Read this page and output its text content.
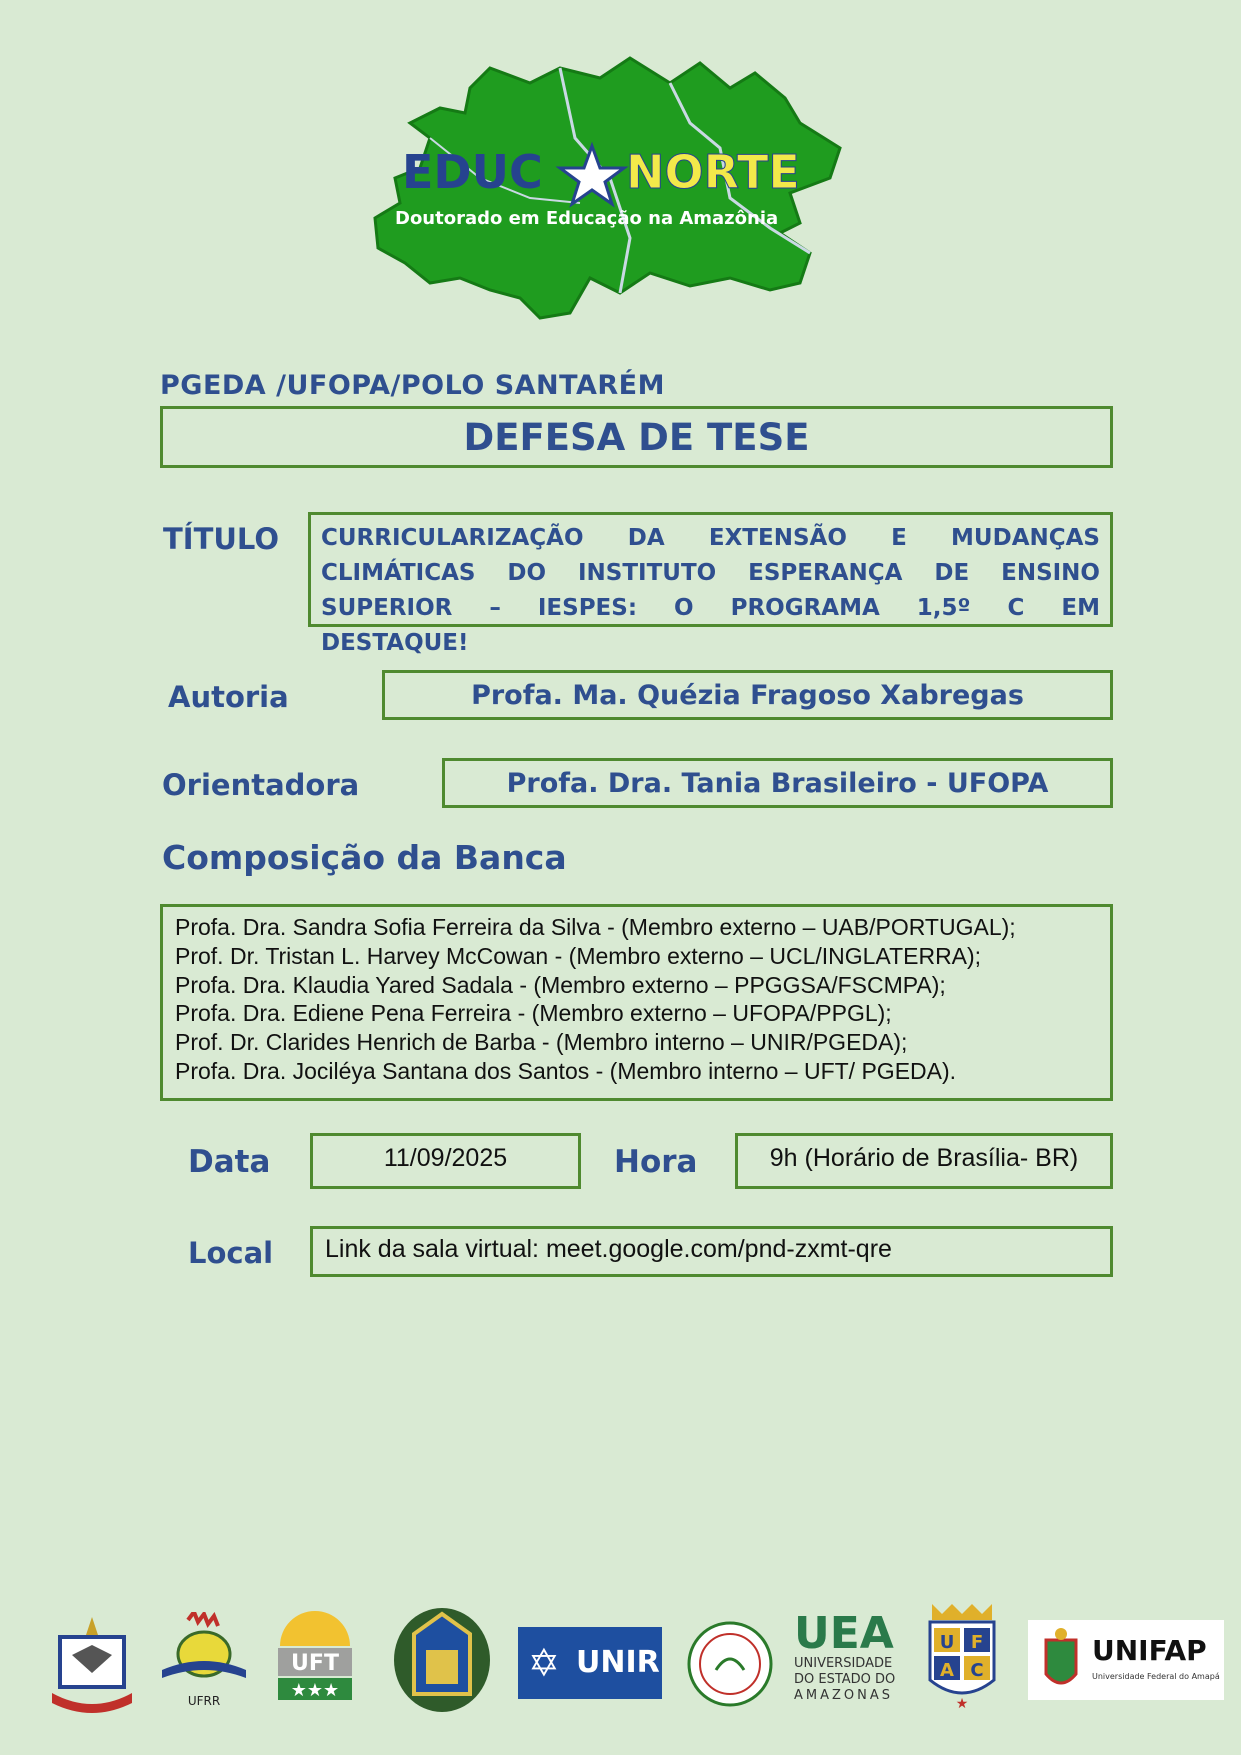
EDUC NORTE
Doutorado em Educação na Amazônia
PGEDA /UFOPA/POLO SANTARÉM
DEFESA DE TESE
TÍTULO CURRICULARIZAÇÃO DA EXTENSÃO E MUDANÇAS CLIMÁTICAS DO INSTITUTO ESPERANÇA DE ENSINO SUPERIOR – IESPES: O PROGRAMA 1,5º C EM DESTAQUE!
Autoria	Profa. Ma. Quézia Fragoso Xabregas
Orientadora	Profa. Dra. Tania Brasileiro - UFOPA
Composição da Banca
Profa. Dra. Sandra Sofia Ferreira da Silva - (Membro externo – UAB/PORTUGAL);
Prof. Dr. Tristan L. Harvey McCowan - (Membro externo – UCL/INGLATERRA);
Profa. Dra. Klaudia Yared Sadala - (Membro externo – PPGGSA/FSCMPA);
Profa. Dra. Ediene Pena Ferreira - (Membro externo – UFOPA/PPGL);
Prof. Dr. Clarides Henrich de Barba - (Membro interno – UNIR/PGEDA);
Profa. Dra. Jociléya Santana dos Santos - (Membro interno – UFT/ PGEDA).
Data	11/09/2025	Hora	9h (Horário de Brasília- BR)
Local	Link da sala virtual: meet.google.com/pnd-zxmt-qre
UFRR
UFT
★★★
✡ UNIR
UEA
UNIVERSIDADE
DO ESTADO DO
AMAZONAS
U F
A C
★
UNIFAP
Universidade Federal do Amapá
